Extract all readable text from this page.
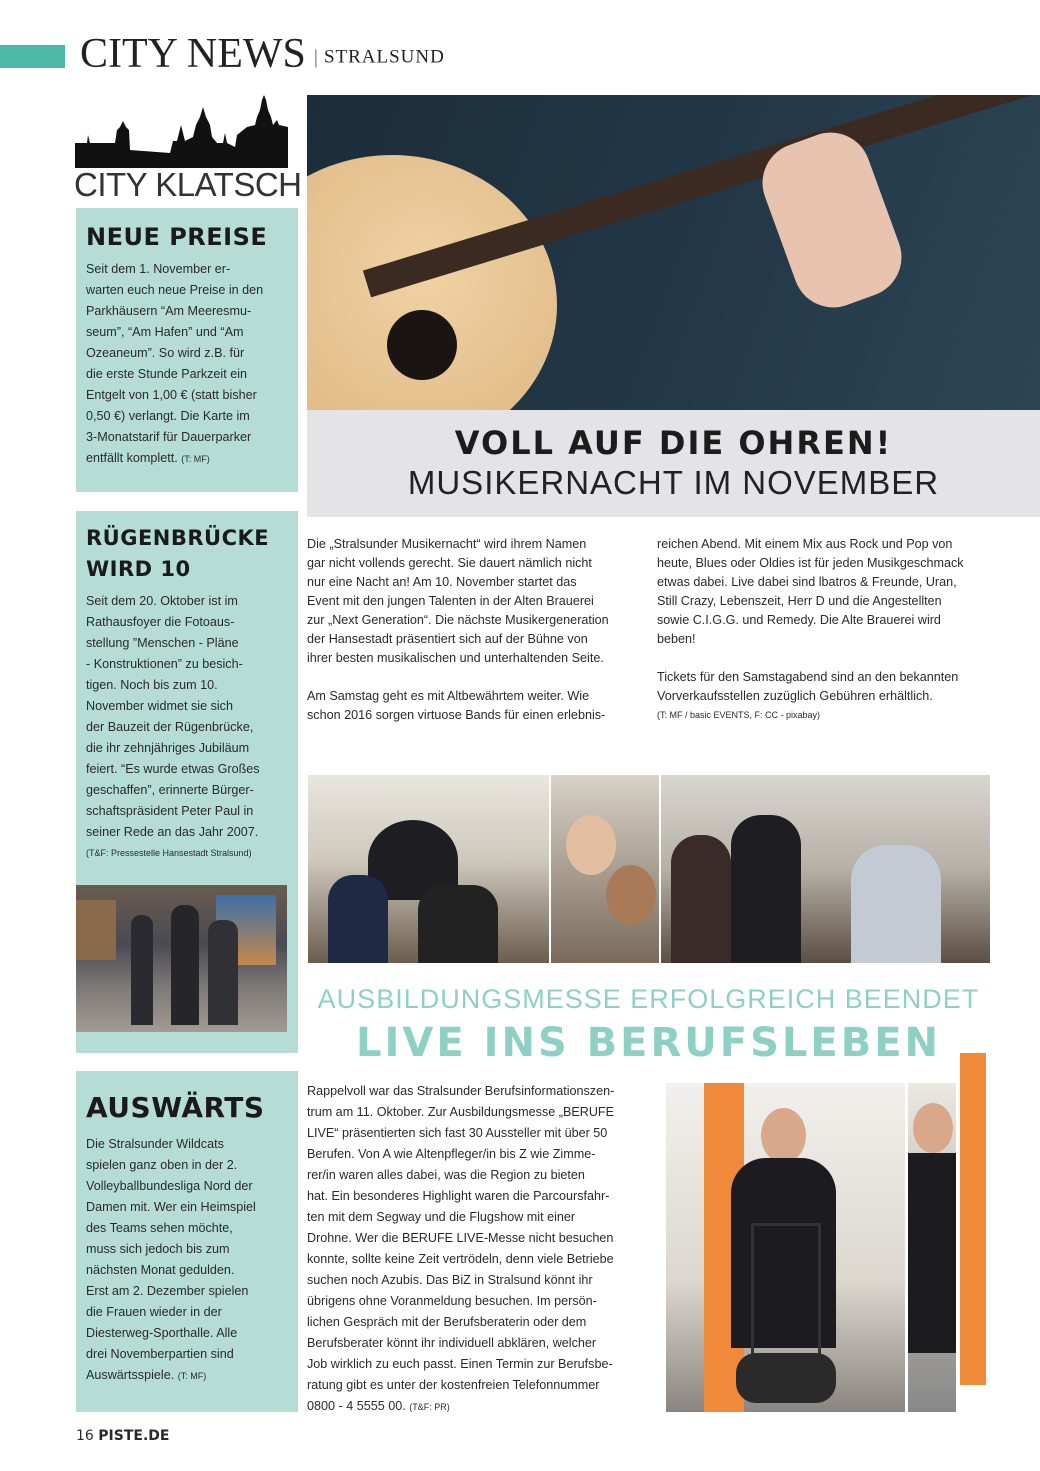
CITY NEWS | STRALSUND
CITY KLATSCH
NEUE PREISE

Seit dem 1. November er-
warten euch neue Preise in den
Parkhäusern “Am Meeresmu-
seum”, “Am Hafen” und “Am
Ozeaneum”. So wird z.B. für
die erste Stunde Parkzeit ein
Entgelt von 1,00 € (statt bisher
0,50 €) verlangt. Die Karte im
3-Monatstarif für Dauerparker
entfällt komplett. (T: MF)

RÜGENBRÜCKE
WIRD 10

Seit dem 20. Oktober ist im
Rathausfoyer die Fotoaus-
stellung ”Menschen - Pläne
- Konstruktionen” zu besich-
tigen. Noch bis zum 10.
November widmet sie sich
der Bauzeit der Rügenbrücke,
die ihr zehnjähriges Jubiläum
feiert. “Es wurde etwas Großes
geschaffen”, erinnerte Bürger-
schaftspräsident Peter Paul in
seiner Rede an das Jahr 2007.

(T&F: Pressestelle Hansestadt Stralsund)

AUSWÄRTS

Die Stralsunder Wildcats
spielen ganz oben in der 2.
Volleyballbundesliga Nord der
Damen mit. Wer ein Heimspiel
des Teams sehen möchte,
muss sich jedoch bis zum
nächsten Monat gedulden.
Erst am 2. Dezember spielen
die Frauen wieder in der
Diesterweg-Sporthalle. Alle
drei Novemberpartien sind
Auswärtsspiele. (T: MF)

VOLL AUF DIE OHREN!
MUSIKERNACHT IM NOVEMBER
Die „Stralsunder Musikernacht“ wird ihrem Namen
gar nicht vollends gerecht. Sie dauert nämlich nicht
nur eine Nacht an! Am 10. November startet das
Event mit den jungen Talenten in der Alten Brauerei
zur „Next Generation“. Die nächste Musikergeneration
der Hansestadt präsentiert sich auf der Bühne von
ihrer besten musikalischen und unterhaltenden Seite.

Am Samstag geht es mit Altbewährtem weiter. Wie
schon 2016 sorgen virtuose Bands für einen erlebnis-
reichen Abend. Mit einem Mix aus Rock und Pop von
heute, Blues oder Oldies ist für jeden Musikgeschmack
etwas dabei. Live dabei sind lbatros & Freunde, Uran,
Still Crazy, Lebenszeit, Herr D und die Angestellten
sowie C.I.G.G. und Remedy. Die Alte Brauerei wird
beben!

Tickets für den Samstagabend sind an den bekannten
Vorverkaufsstellen zuzüglich Gebühren erhältlich.
(T: MF / basic EVENTS, F: CC - pixabay)
AUSBILDUNGSMESSE ERFOLGREICH BEENDET
LIVE INS BERUFSLEBEN
Rappelvoll war das Stralsunder Berufsinformationszen-
trum am 11. Oktober. Zur Ausbildungsmesse „BERUFE
LIVE“ präsentierten sich fast 30 Aussteller mit über 50
Berufen. Von A wie Altenpfleger/in bis Z wie Zimme-
rer/in waren alles dabei, was die Region zu bieten
hat. Ein besonderes Highlight waren die Parcoursfahr-
ten mit dem Segway und die Flugshow mit einer
Drohne. Wer die BERUFE LIVE-Messe nicht besuchen
konnte, sollte keine Zeit vertrödeln, denn viele Betriebe
suchen noch Azubis. Das BiZ in Stralsund könnt ihr
übrigens ohne Voranmeldung besuchen. Im persön-
lichen Gespräch mit der Berufsberaterin oder dem
Berufsberater könnt ihr individuell abklären, welcher
Job wirklich zu euch passt. Einen Termin zur Berufsbe-
ratung gibt es unter der kostenfreien Telefonnummer
0800 - 4 5555 00. (T&F: PR)
16 PISTE.DE
